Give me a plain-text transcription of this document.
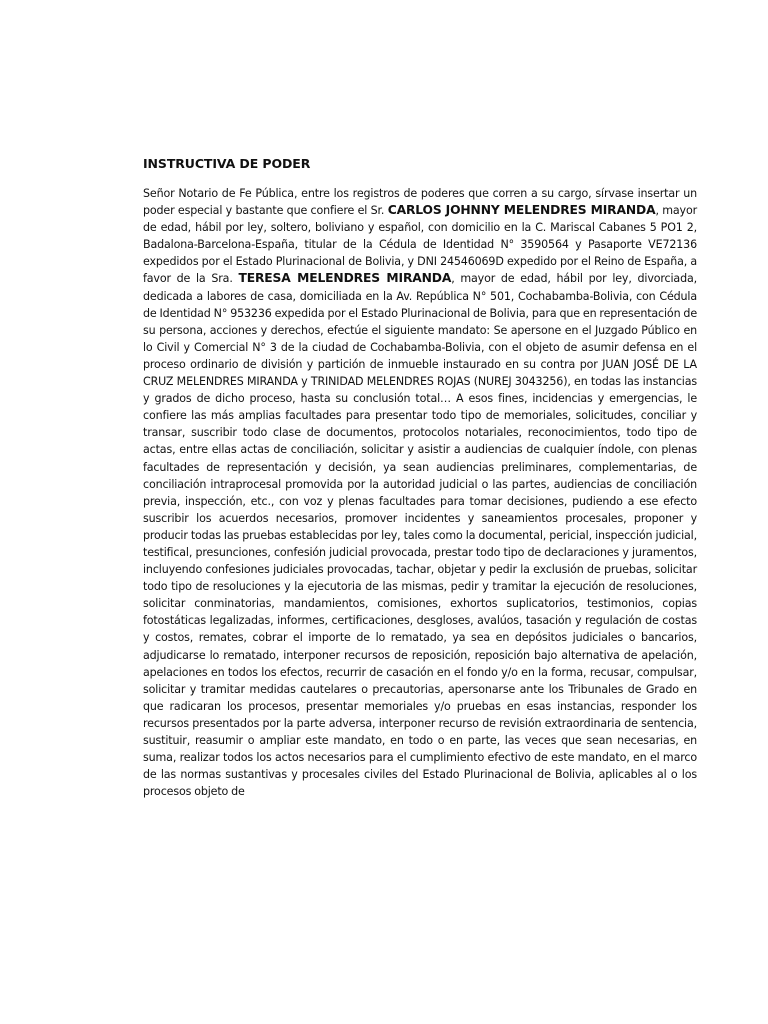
INSTRUCTIVA DE PODER

Señor Notario de Fe Pública, entre los registros de poderes que corren a su cargo, sírvase insertar un poder especial y bastante que confiere el Sr. CARLOS JOHNNY MELENDRES MIRANDA, mayor de edad, hábil por ley, soltero, boliviano y español, con domicilio en la C. Mariscal Cabanes 5 PO1 2, Badalona-Barcelona-España, titular de la Cédula de Identidad N° 3590564 y Pasaporte VE72136 expedidos por el Estado Plurinacional de Bolivia, y DNI 24546069D expedido por el Reino de España, a favor de la Sra. TERESA MELENDRES MIRANDA, mayor de edad, hábil por ley, divorciada, dedicada a labores de casa, domiciliada en la Av. República N° 501, Cochabamba-Bolivia, con Cédula de Identidad N° 953236 expedida por el Estado Plurinacional de Bolivia, para que en representación de su persona, acciones y derechos, efectúe el siguiente mandato: Se apersone en el Juzgado Público en lo Civil y Comercial N° 3 de la ciudad de Cochabamba-Bolivia, con el objeto de asumir defensa en el proceso ordinario de división y partición de inmueble instaurado en su contra por JUAN JOSÉ DE LA CRUZ MELENDRES MIRANDA y TRINIDAD MELENDRES ROJAS (NUREJ 3043256), en todas las instancias y grados de dicho proceso, hasta su conclusión total… A esos fines, incidencias y emergencias, le confiere las más amplias facultades para presentar todo tipo de memoriales, solicitudes, conciliar y transar, suscribir todo clase de documentos, protocolos notariales, reconocimientos, todo tipo de actas, entre ellas actas de conciliación, solicitar y asistir a audiencias de cualquier índole, con plenas facultades de representación y decisión, ya sean audiencias preliminares, complementarias, de conciliación intraprocesal promovida por la autoridad judicial o las partes, audiencias de conciliación previa, inspección, etc., con voz y plenas facultades para tomar decisiones, pudiendo a ese efecto suscribir los acuerdos necesarios, promover incidentes y saneamientos procesales, proponer y producir todas las pruebas establecidas por ley, tales como la documental, pericial, inspección judicial, testifical, presunciones, confesión judicial provocada, prestar todo tipo de declaraciones y juramentos, incluyendo confesiones judiciales provocadas, tachar, objetar y pedir la exclusión de pruebas, solicitar todo tipo de resoluciones y la ejecutoria de las mismas, pedir y tramitar la ejecución de resoluciones, solicitar conminatorias, mandamientos, comisiones, exhortos suplicatorios, testimonios, copias fotostáticas legalizadas, informes, certificaciones, desgloses, avalúos, tasación y regulación de costas y costos, remates, cobrar el importe de lo rematado, ya sea en depósitos judiciales o bancarios, adjudicarse lo rematado, interponer recursos de reposición, reposición bajo alternativa de apelación, apelaciones en todos los efectos, recurrir de casación en el fondo y/o en la forma, recusar, compulsar, solicitar y tramitar medidas cautelares o precautorias, apersonarse ante los Tribunales de Grado en que radicaran los procesos, presentar memoriales y/o pruebas en esas instancias, responder los recursos presentados por la parte adversa, interponer recurso de revisión extraordinaria de sentencia, sustituir, reasumir o ampliar este mandato, en todo o en parte, las veces que sean necesarias, en suma, realizar todos los actos necesarios para el cumplimiento efectivo de este mandato, en el marco de las normas sustantivas y procesales civiles del Estado Plurinacional de Bolivia, aplicables al o los procesos objeto de
